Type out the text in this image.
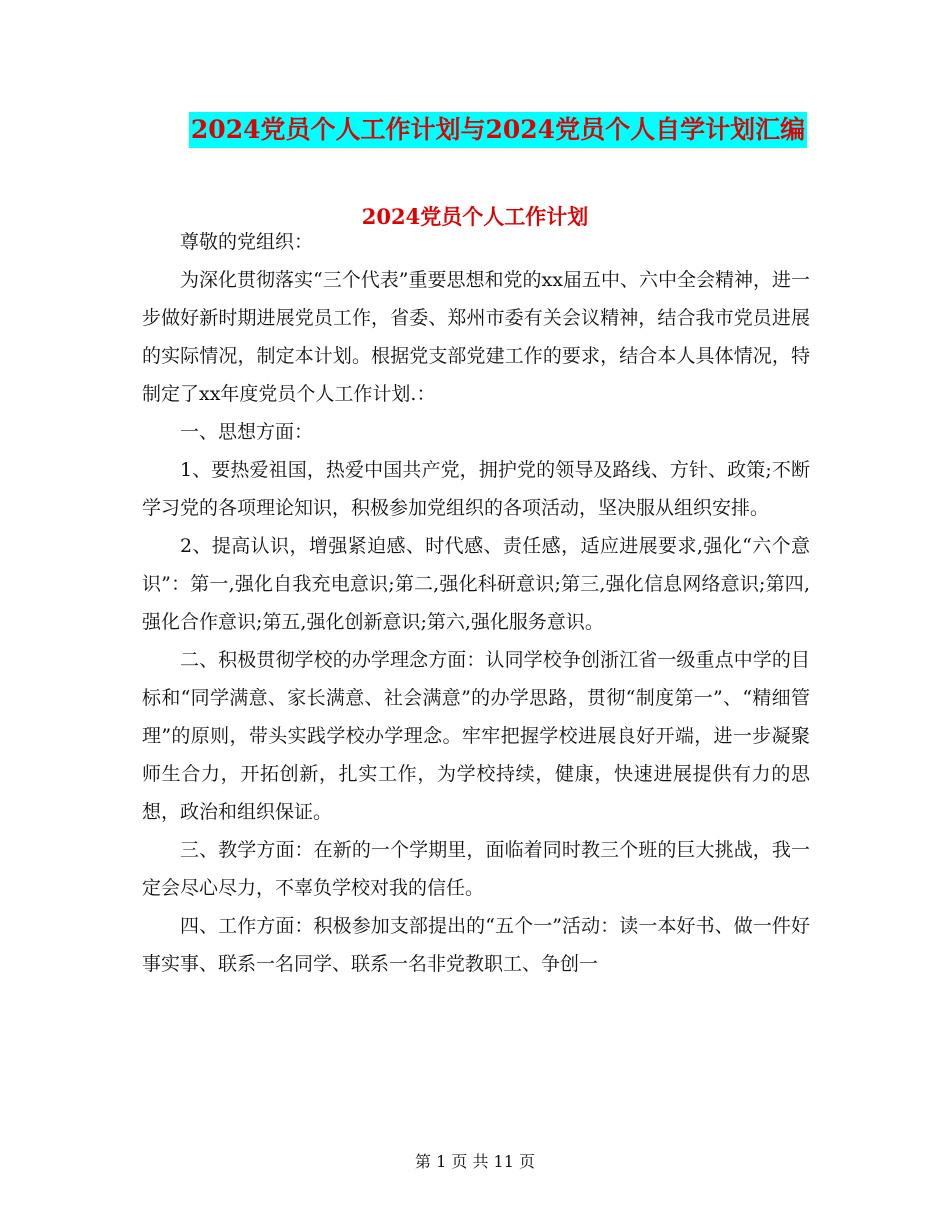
2024党员个人工作计划与2024党员个人自学计划汇编
2024党员个人工作计划

尊敬的党组织：

为深化贯彻落实“三个代表”重要思想和党的xx届五中、六中全会精神，进一步做好新时期进展党员工作，省委、郑州市委有关会议精神，结合我市党员进展的实际情况，制定本计划。根据党支部党建工作的要求，结合本人具体情况，特制定了xx年度党员个人工作计划.：

一、思想方面：

1、要热爱祖国，热爱中国共产党，拥护党的领导及路线、方针、政策;不断学习党的各项理论知识，积极参加党组织的各项活动，坚决服从组织安排。

2、提高认识，增强紧迫感、时代感、责任感，适应进展要求,强化“六个意识”：第一,强化自我充电意识;第二,强化科研意识;第三,强化信息网络意识;第四,强化合作意识;第五,强化创新意识;第六,强化服务意识。

二、积极贯彻学校的办学理念方面：认同学校争创浙江省一级重点中学的目标和“同学满意、家长满意、社会满意”的办学思路，贯彻“制度第一”、“精细管理”的原则，带头实践学校办学理念。牢牢把握学校进展良好开端，进一步凝聚师生合力，开拓创新，扎实工作，为学校持续，健康，快速进展提供有力的思想，政治和组织保证。

三、教学方面：在新的一个学期里，面临着同时教三个班的巨大挑战，我一定会尽心尽力，不辜负学校对我的信任。

四、工作方面：积极参加支部提出的“五个一”活动：读一本好书、做一件好事实事、联系一名同学、联系一名非党教职工、争创一

第 1 页 共 11 页
